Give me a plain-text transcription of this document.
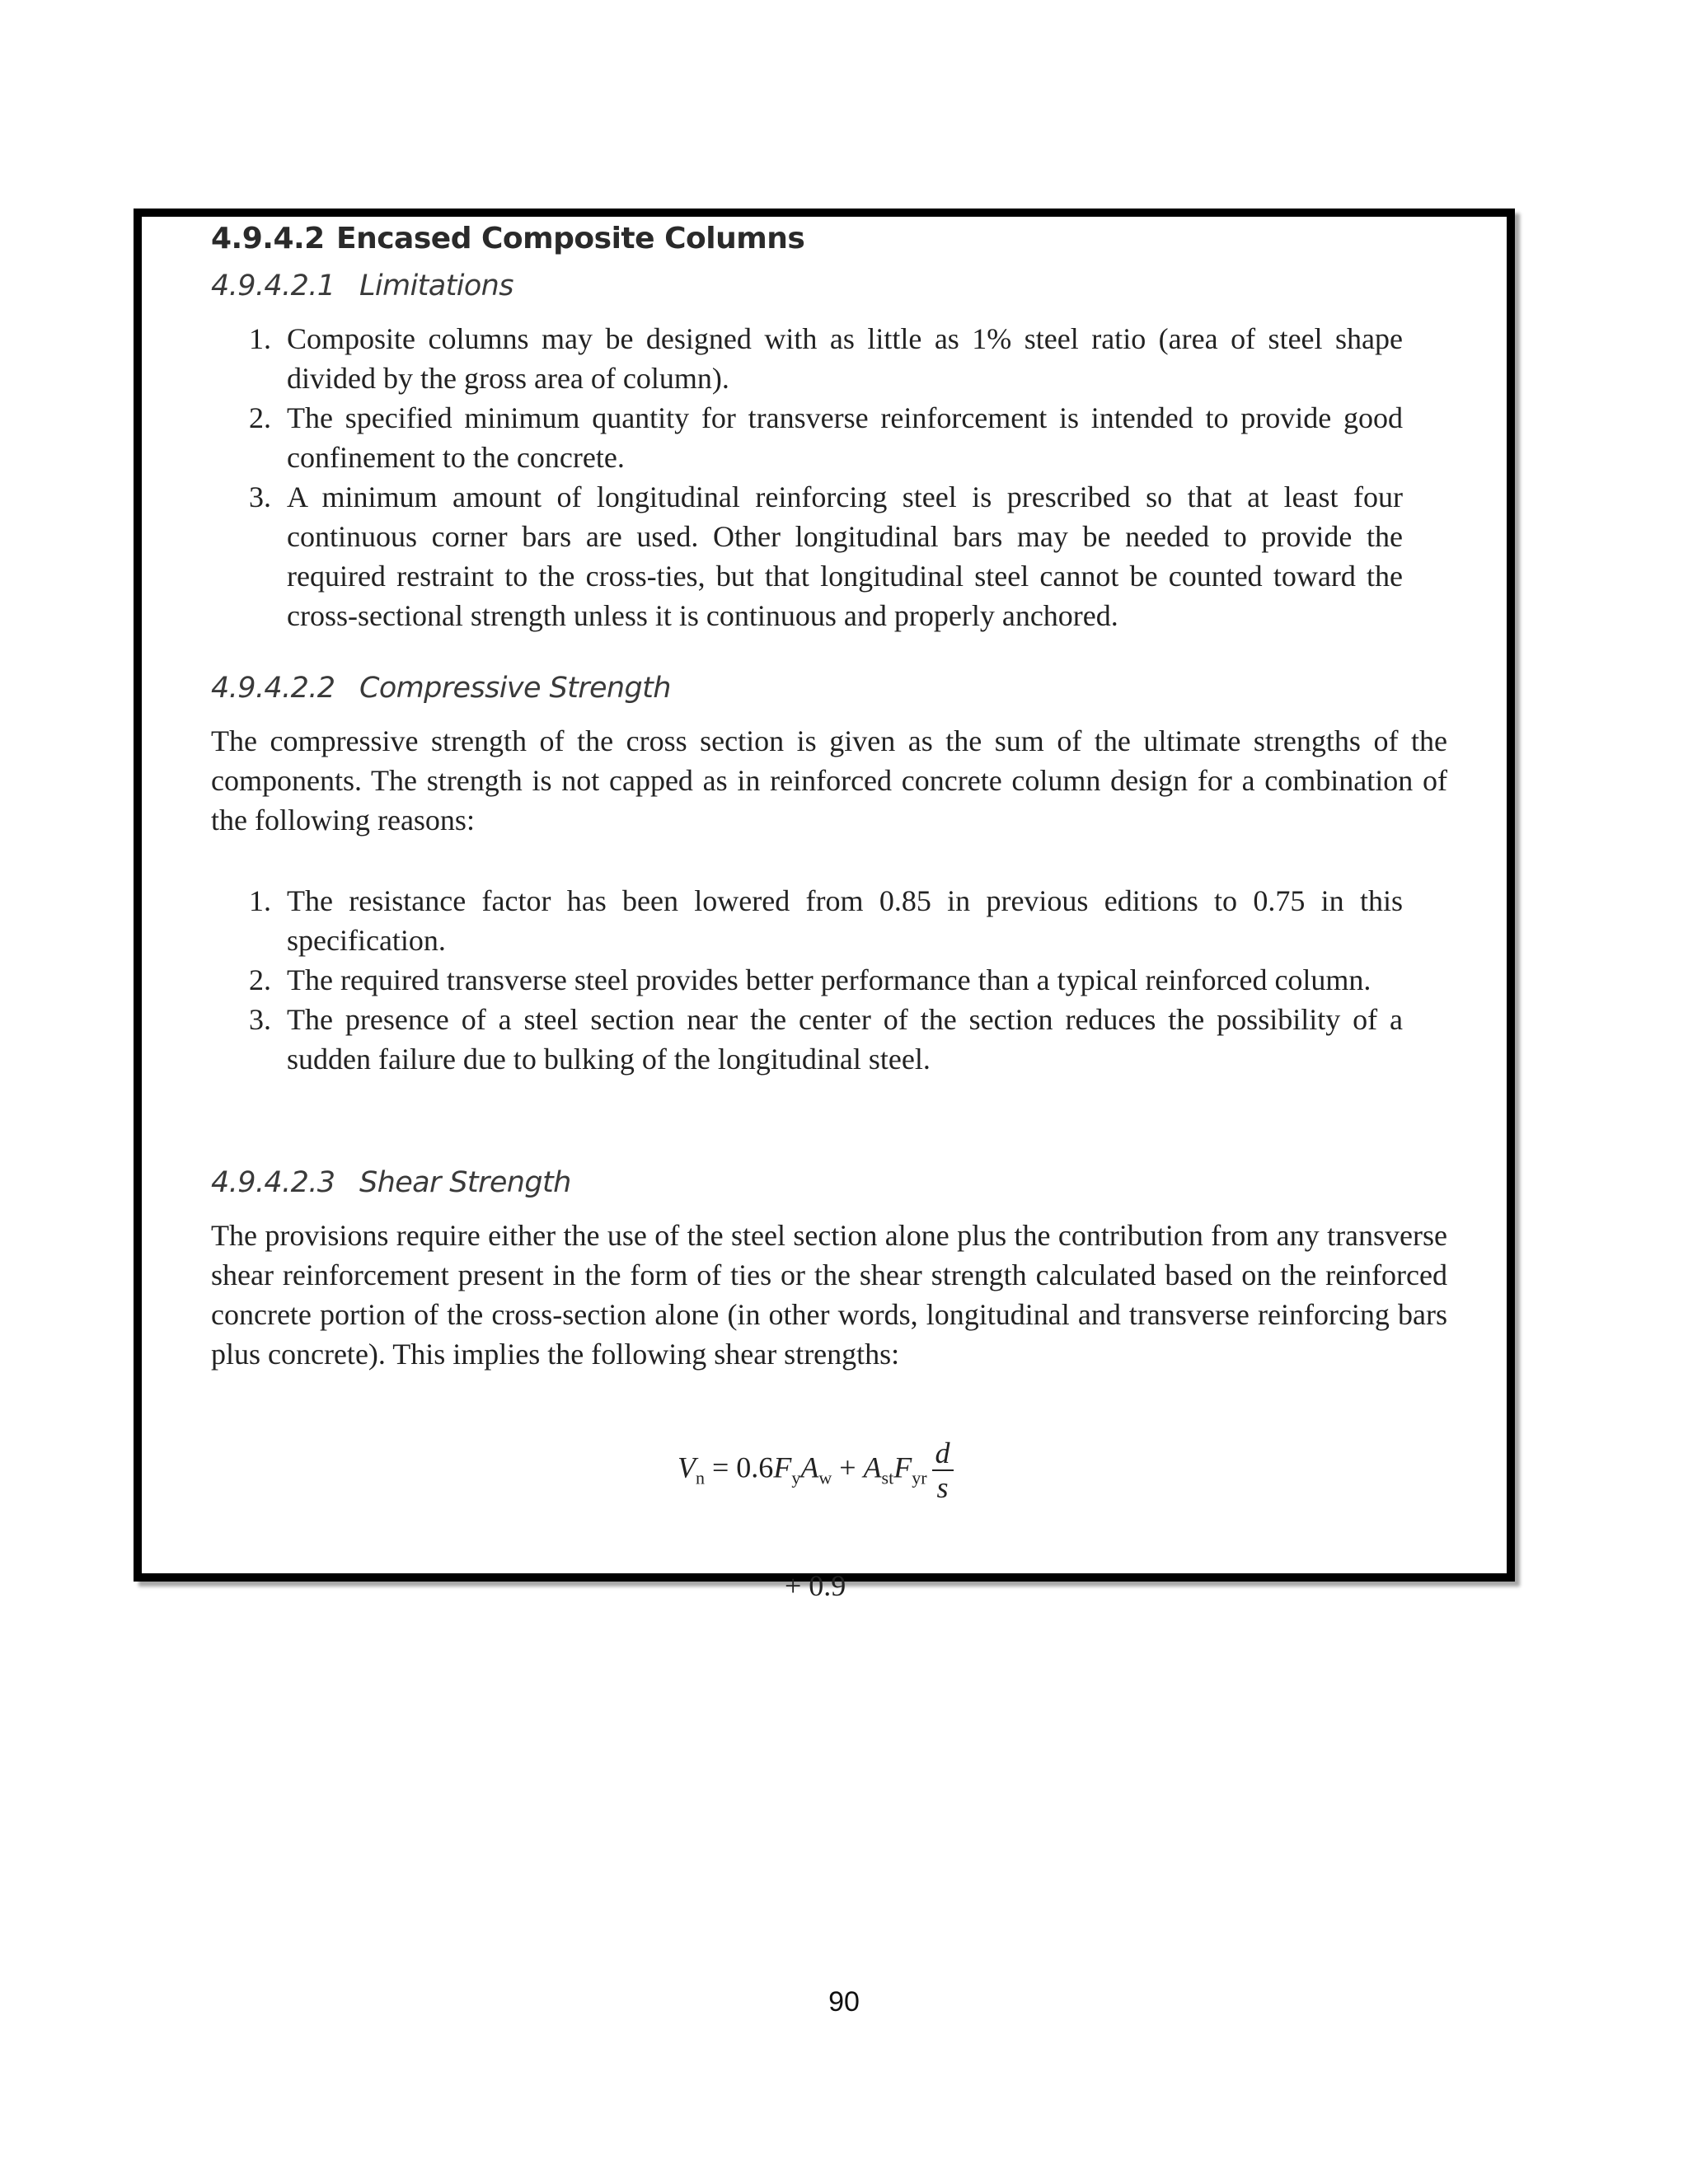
4.9.4.2 Encased Composite Columns
4.9.4.2.1 Limitations
1. Composite columns may be designed with as little as 1% steel ratio (area of steel shape divided by the gross area of column).
2. The specified minimum quantity for transverse reinforcement is intended to provide good confinement to the concrete.
3. A minimum amount of longitudinal reinforcing steel is prescribed so that at least four continuous corner bars are used. Other longitudinal bars may be needed to provide the required restraint to the cross-ties, but that longitudinal steel cannot be counted toward the cross-sectional strength unless it is continuous and properly anchored.
4.9.4.2.2 Compressive Strength

The compressive strength of the cross section is given as the sum of the ultimate strengths of the components. The strength is not capped as in reinforced concrete column design for a combination of the following reasons:

1. The resistance factor has been lowered from 0.85 in previous editions to 0.75 in this specification.
2. The required transverse steel provides better performance than a typical reinforced column.
3. The presence of a steel section near the center of the section reduces the possibility of a sudden failure due to bulking of the longitudinal steel.
4.9.4.2.3 Shear Strength

The provisions require either the use of the steel section alone plus the contribution from any transverse shear reinforcement present in the form of ties or the shear strength calculated based on the reinforced concrete portion of the cross-section alone (in other words, longitudinal and transverse reinforcing bars plus concrete). This implies the following shear strengths:

$V_n = 0.6F_yA_w + A_{st}F_{yr} \frac{d}{s}$
+ 0.9
90
